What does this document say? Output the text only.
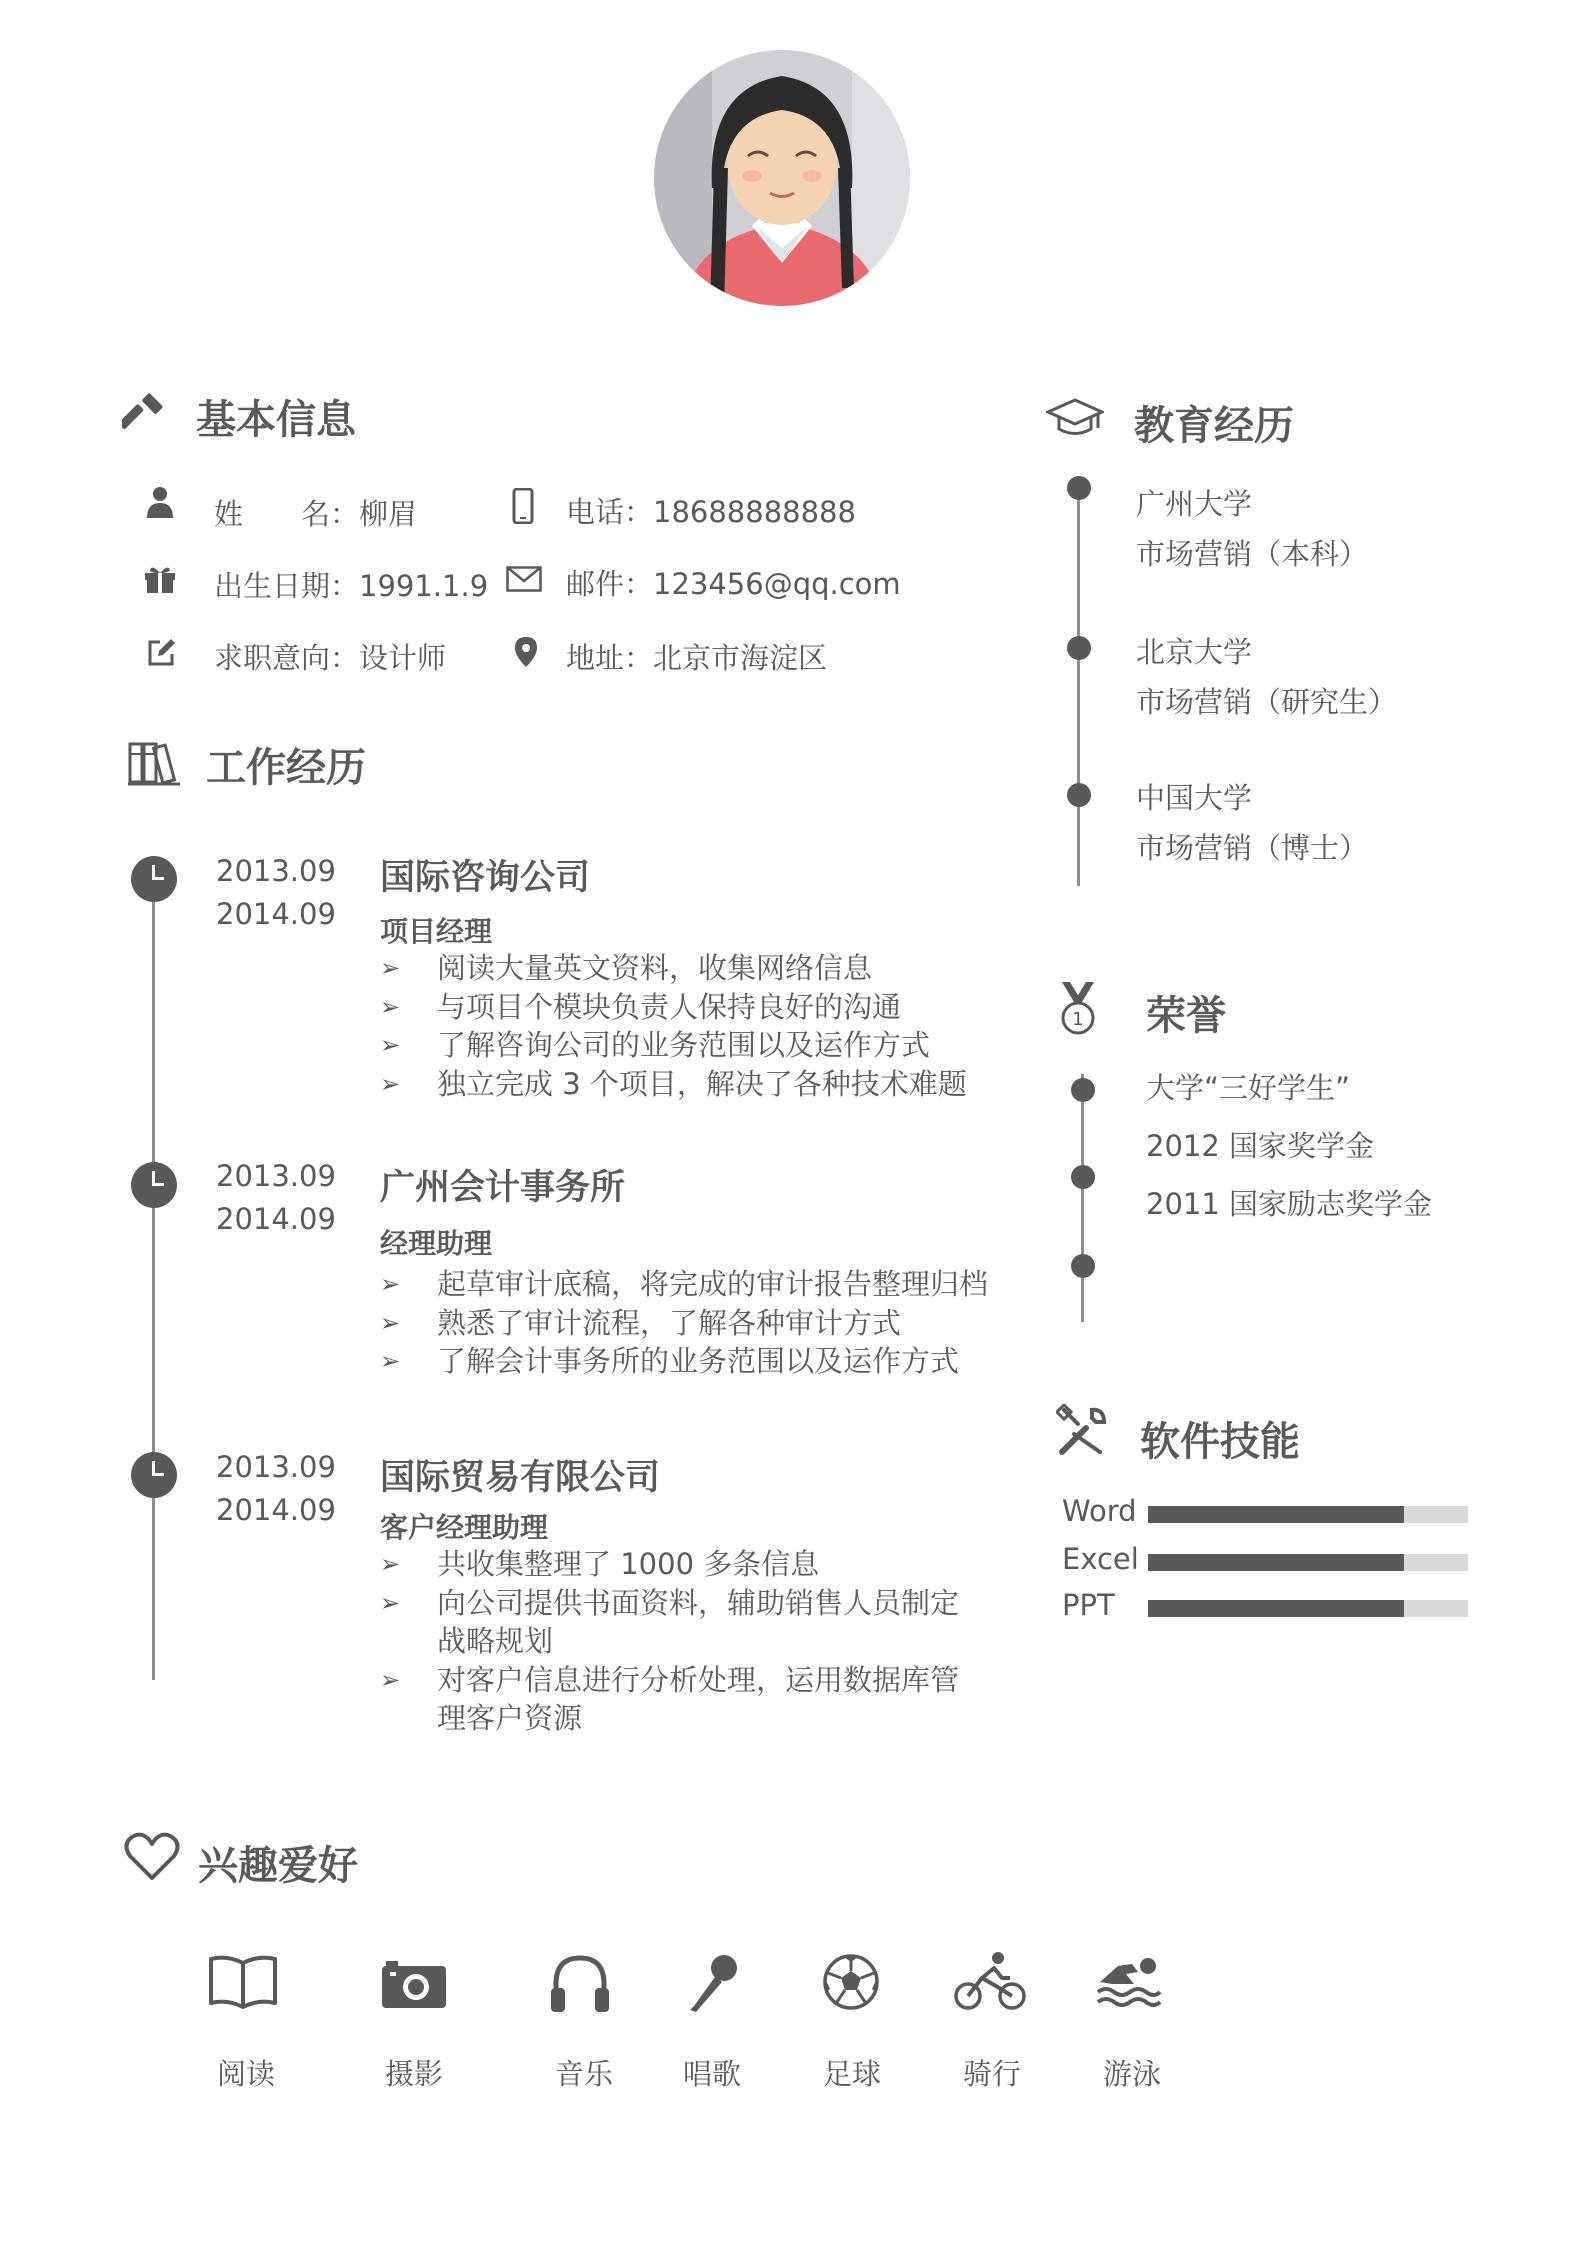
基本信息
姓　　名：柳眉	电话：18688888888
出生日期：1991.1.9	邮件：123456@qq.com
求职意向：设计师	地址：北京市海淀区
工作经历
2013.09
2014.09
国际咨询公司
项目经理
➢ 阅读大量英文资料，收集网络信息
➢ 与项目个模块负责人保持良好的沟通
➢ 了解咨询公司的业务范围以及运作方式
➢ 独立完成 3 个项目，解决了各种技术难题
2013.09
2014.09
广州会计事务所
经理助理
➢ 起草审计底稿，将完成的审计报告整理归档
➢ 熟悉了审计流程，了解各种审计方式
➢ 了解会计事务所的业务范围以及运作方式
2013.09
2014.09
国际贸易有限公司
客户经理助理
➢ 共收集整理了 1000 多条信息
➢ 向公司提供书面资料，辅助销售人员制定战略规划
➢ 对客户信息进行分析处理，运用数据库管理客户资源
教育经历
广州大学
市场营销（本科）
北京大学
市场营销（研究生）
中国大学
市场营销（博士）
1 荣誉
大学“三好学生”
2012 国家奖学金
2011 国家励志奖学金
软件技能
Word
Excel
PPT
兴趣爱好
阅读	摄影	音乐	唱歌	足球	骑行	游泳
